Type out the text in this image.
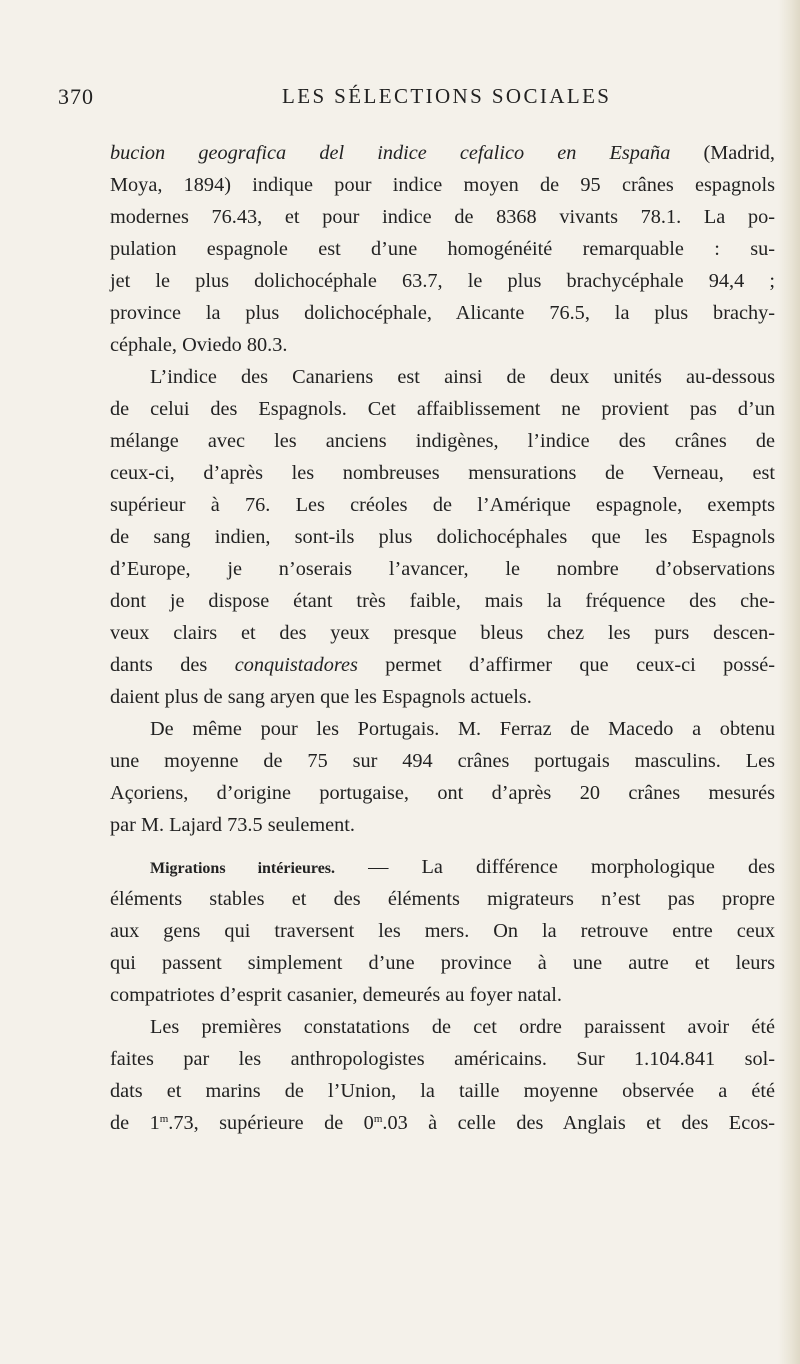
370	LES SÉLECTIONS SOCIALES
bucion geografica del indice cefalico en España (Madrid,
Moya, 1894) indique pour indice moyen de 95 crânes espagnols
modernes 76.43, et pour indice de 8368 vivants 78.1. La po-
pulation espagnole est d’une homogénéité remarquable : su-
jet le plus dolichocéphale 63.7, le plus brachycéphale 94,4 ;
province la plus dolichocéphale, Alicante 76.5, la plus brachy-
céphale, Oviedo 80.3.
L’indice des Canariens est ainsi de deux unités au-dessous
de celui des Espagnols. Cet affaiblissement ne provient pas d’un
mélange avec les anciens indigènes, l’indice des crânes de
ceux-ci, d’après les nombreuses mensurations de Verneau, est
supérieur à 76. Les créoles de l’Amérique espagnole, exempts
de sang indien, sont-ils plus dolichocéphales que les Espagnols
d’Europe, je n’oserais l’avancer, le nombre d’observations
dont je dispose étant très faible, mais la fréquence des che-
veux clairs et des yeux presque bleus chez les purs descen-
dants des conquistadores permet d’affirmer que ceux-ci possé-
daient plus de sang aryen que les Espagnols actuels.
De même pour les Portugais. M. Ferraz de Macedo a obtenu
une moyenne de 75 sur 494 crânes portugais masculins. Les
Açoriens, d’origine portugaise, ont d’après 20 crânes mesurés
par M. Lajard 73.5 seulement.
Migrations intérieures. — La différence morphologique des
éléments stables et des éléments migrateurs n’est pas propre
aux gens qui traversent les mers. On la retrouve entre ceux
qui passent simplement d’une province à une autre et leurs
compatriotes d’esprit casanier, demeurés au foyer natal.
Les premières constatations de cet ordre paraissent avoir été
faites par les anthropologistes américains. Sur 1.104.841 sol-
dats et marins de l’Union, la taille moyenne observée a été
de 1$^m$.73, supérieure de 0$^m$.03 à celle des Anglais et des Ecos-
